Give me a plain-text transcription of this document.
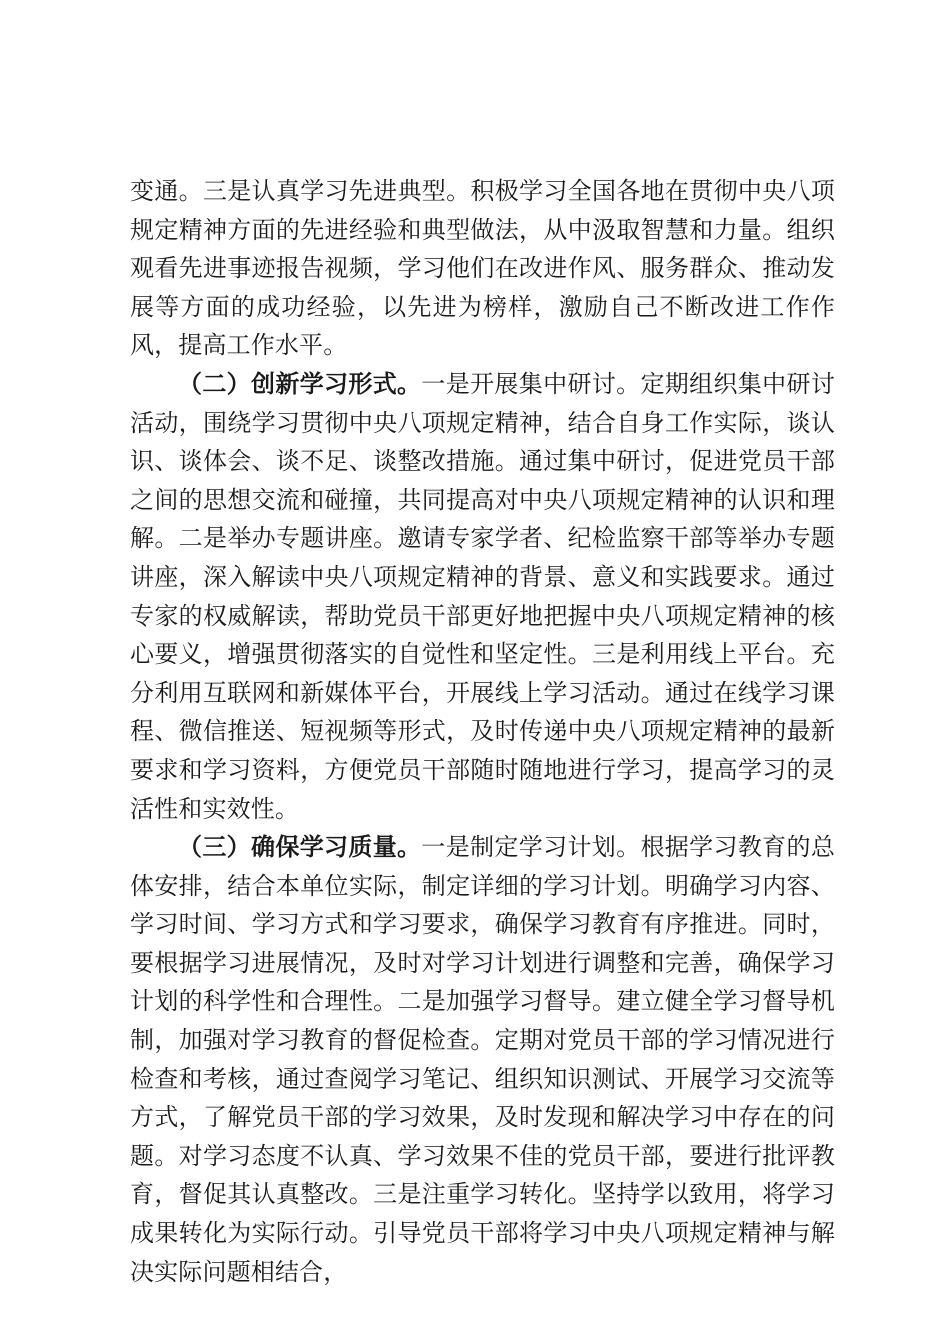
变通。三是认真学习先进典型。积极学习全国各地在贯彻中央八项规定精神方面的先进经验和典型做法，从中汲取智慧和力量。组织观看先进事迹报告视频，学习他们在改进作风、服务群众、推动发展等方面的成功经验，以先进为榜样，激励自己不断改进工作作风，提高工作水平。

（二）创新学习形式。一是开展集中研讨。定期组织集中研讨活动，围绕学习贯彻中央八项规定精神，结合自身工作实际，谈认识、谈体会、谈不足、谈整改措施。通过集中研讨，促进党员干部之间的思想交流和碰撞，共同提高对中央八项规定精神的认识和理解。二是举办专题讲座。邀请专家学者、纪检监察干部等举办专题讲座，深入解读中央八项规定精神的背景、意义和实践要求。通过专家的权威解读，帮助党员干部更好地把握中央八项规定精神的核心要义，增强贯彻落实的自觉性和坚定性。三是利用线上平台。充分利用互联网和新媒体平台，开展线上学习活动。通过在线学习课程、微信推送、短视频等形式，及时传递中央八项规定精神的最新要求和学习资料，方便党员干部随时随地进行学习，提高学习的灵活性和实效性。

（三）确保学习质量。一是制定学习计划。根据学习教育的总体安排，结合本单位实际，制定详细的学习计划。明确学习内容、学习时间、学习方式和学习要求，确保学习教育有序推进。同时，要根据学习进展情况，及时对学习计划进行调整和完善，确保学习计划的科学性和合理性。二是加强学习督导。建立健全学习督导机制，加强对学习教育的督促检查。定期对党员干部的学习情况进行检查和考核，通过查阅学习笔记、组织知识测试、开展学习交流等方式，了解党员干部的学习效果，及时发现和解决学习中存在的问题。对学习态度不认真、学习效果不佳的党员干部，要进行批评教育，督促其认真整改。三是注重学习转化。坚持学以致用，将学习成果转化为实际行动。引导党员干部将学习中央八项规定精神与解决实际问题相结合，
